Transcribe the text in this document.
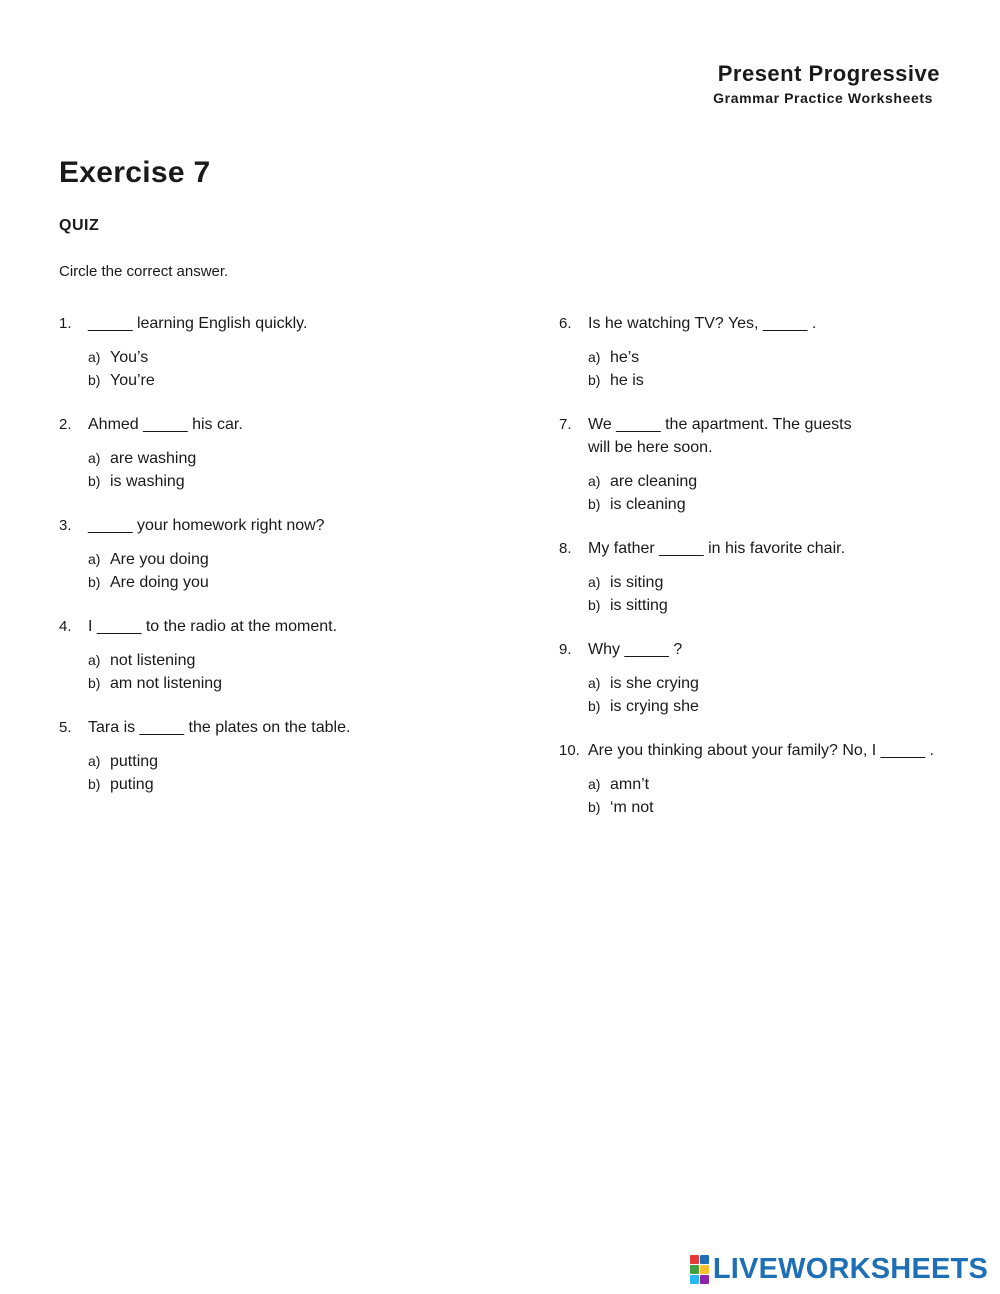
Present Progressive
Grammar Practice Worksheets
Exercise 7
QUIZ
Circle the correct answer.
1.	_____ learning English quickly.
a) You’s
b) You’re
2.	Ahmed _____ his car.
a) are washing
b) is washing
3.	_____ your homework right now?
a) Are you doing
b) Are doing you
4.	I _____ to the radio at the moment.
a) not listening
b) am not listening
5.	Tara is _____ the plates on the table.
a) putting
b) puting
6.	Is he watching TV? Yes, _____ .
a) he’s
b) he is
7.	We _____ the apartment. The guests will be here soon.
a) are cleaning
b) is cleaning
8.	My father _____ in his favorite chair.
a) is siting
b) is sitting
9.	Why _____ ?
a) is she crying
b) is crying she
10. Are you thinking about your family? No, I _____ .
a) amn’t
b) ‘m not
LIVEWORKSHEETS
